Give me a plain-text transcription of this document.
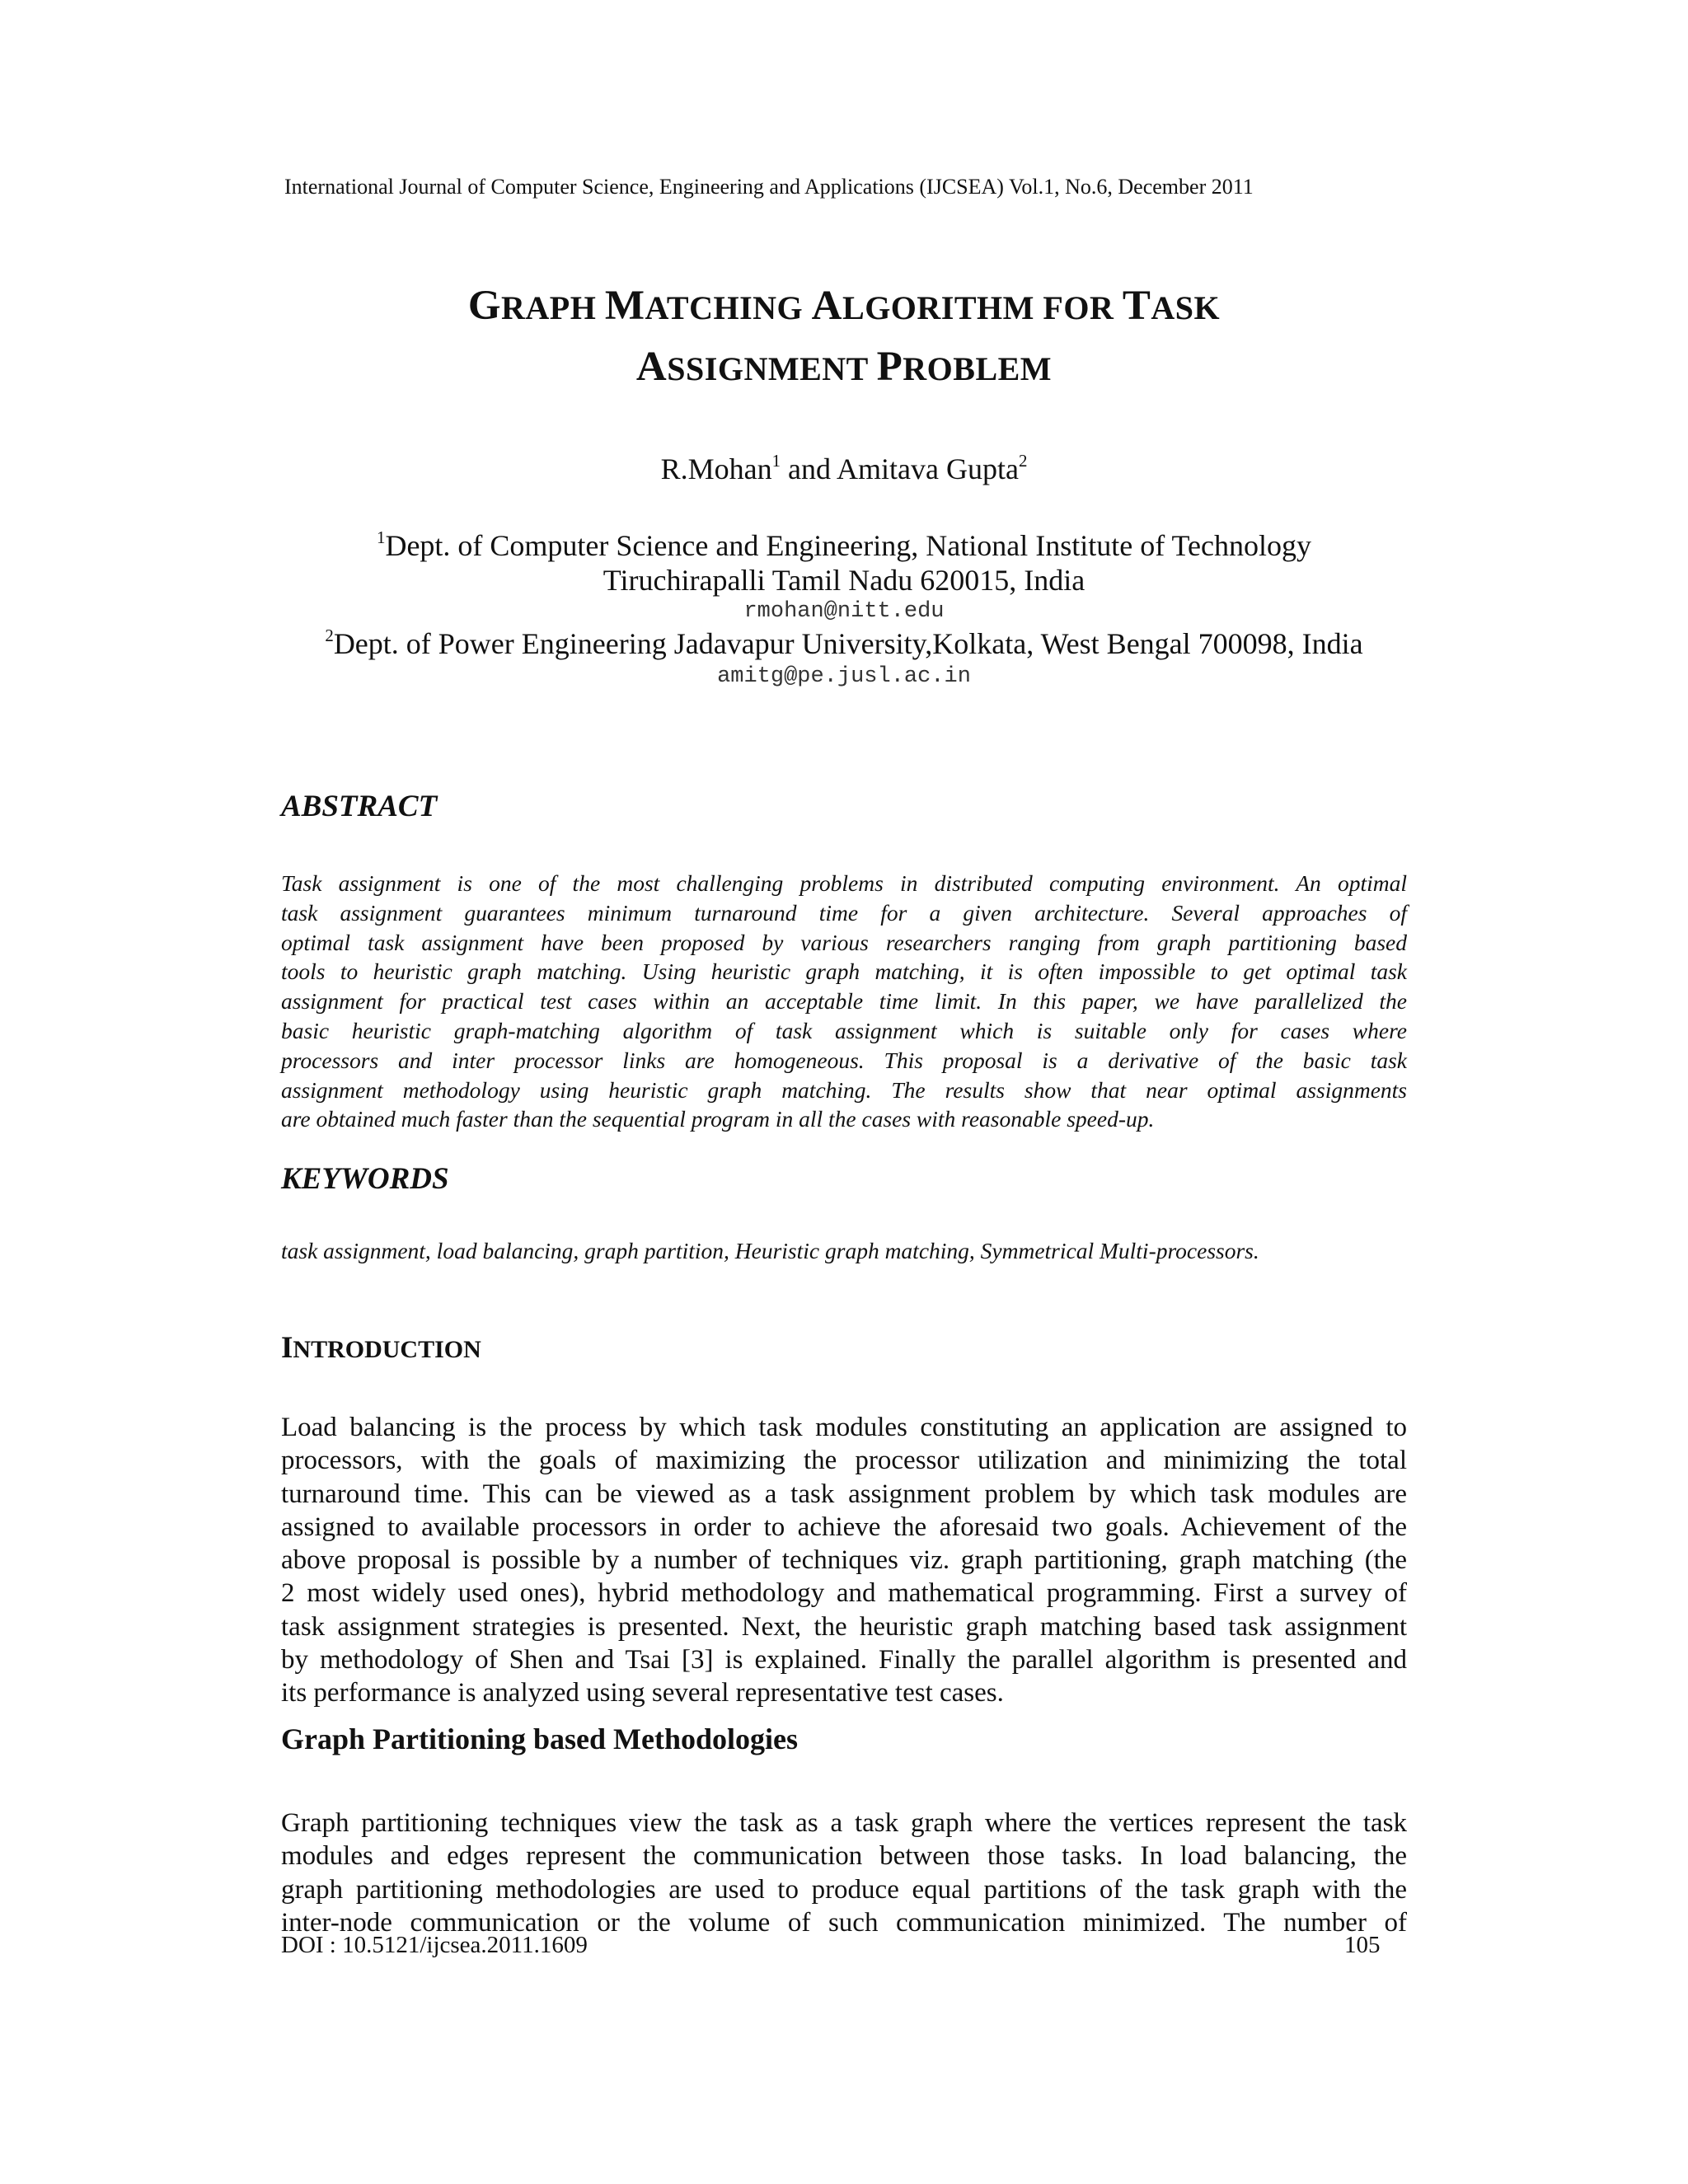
International Journal of Computer Science, Engineering and Applications (IJCSEA) Vol.1, No.6, December 2011
GRAPH MATCHING ALGORITHM FOR TASK
ASSIGNMENT PROBLEM
R.Mohan$^1$ and Amitava Gupta$^2$
$^1$Dept. of Computer Science and Engineering, National Institute of Technology
Tiruchirapalli Tamil Nadu 620015, India
rmohan@nitt.edu
$^2$Dept. of Power Engineering Jadavapur University,Kolkata, West Bengal 700098, India
amitg@pe.jusl.ac.in
ABSTRACT
Task assignment is one of the most challenging problems in distributed computing environment. An optimal
task assignment guarantees minimum turnaround time for a given architecture. Several approaches of
optimal task assignment have been proposed by various researchers ranging from graph partitioning based
tools to heuristic graph matching. Using heuristic graph matching, it is often impossible to get optimal task
assignment for practical test cases within an acceptable time limit. In this paper, we have parallelized the
basic heuristic graph-matching algorithm of task assignment which is suitable only for cases where
processors and inter processor links are homogeneous. This proposal is a derivative of the basic task
assignment methodology using heuristic graph matching. The results show that near optimal assignments
are obtained much faster than the sequential program in all the cases with reasonable speed-up.
KEYWORDS
task assignment, load balancing, graph partition, Heuristic graph matching, Symmetrical Multi-processors.
INTRODUCTION
Load balancing is the process by which task modules constituting an application are assigned to
processors, with the goals of maximizing the processor utilization and minimizing the total
turnaround time. This can be viewed as a task assignment problem by which task modules are
assigned to available processors in order to achieve the aforesaid two goals. Achievement of the
above proposal is possible by a number of techniques viz. graph partitioning, graph matching (the
2 most widely used ones), hybrid methodology and mathematical programming. First a survey of
task assignment strategies is presented. Next, the heuristic graph matching based task assignment
by methodology of Shen and Tsai [3] is explained. Finally the parallel algorithm is presented and
its performance is analyzed using several representative test cases.
Graph Partitioning based Methodologies
Graph partitioning techniques view the task as a task graph where the vertices represent the task
modules and edges represent the communication between those tasks. In load balancing, the
graph partitioning methodologies are used to produce equal partitions of the task graph with the
inter-node communication or the volume of such communication minimized. The number of
DOI : 10.5121/ijcsea.2011.1609	105
